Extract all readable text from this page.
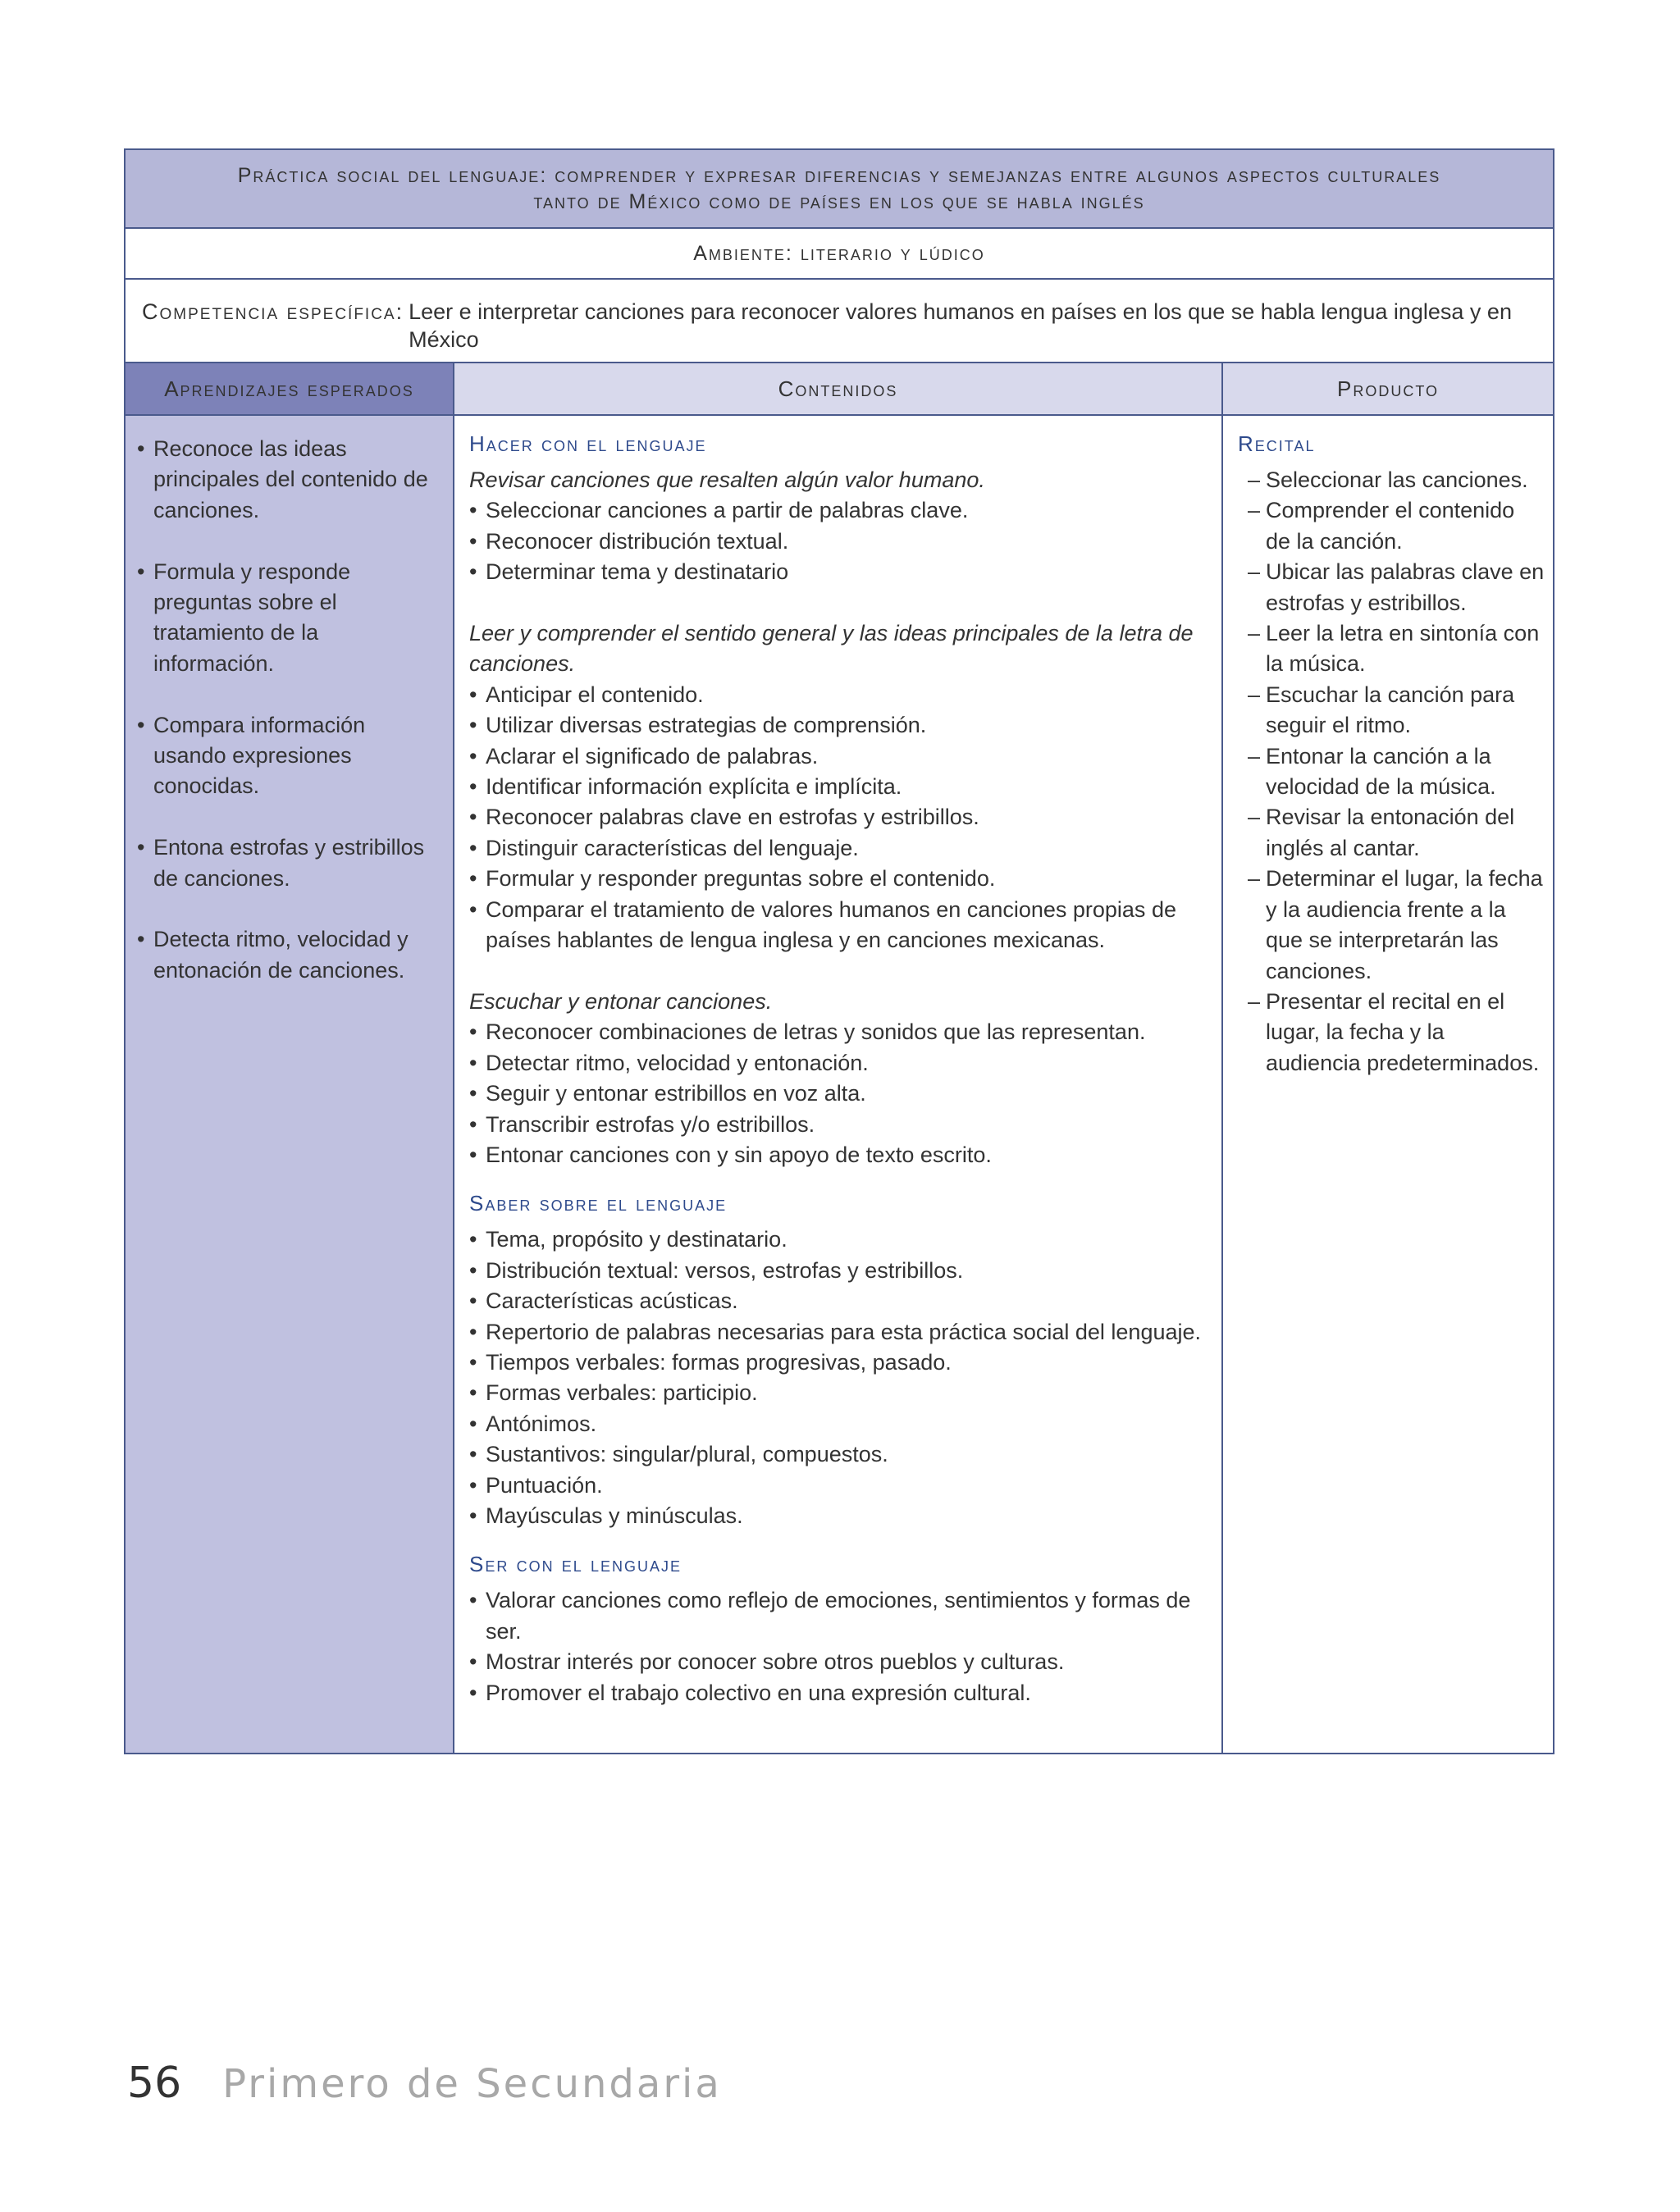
Práctica social del lenguaje: comprender y expresar diferencias y semejanzas entre algunos aspectos culturales
tanto de México como de países en los que se habla inglés
Ambiente: literario y lúdico
Competencia específica: Leer e interpretar canciones para reconocer valores humanos en países en los que se habla lengua inglesa y en México
Aprendizajes esperados	Contenidos	Producto
• Reconoce las ideas principales del contenido de canciones.
• Formula y responde preguntas sobre el tratamiento de la información.
• Compara información usando expresiones conocidas.
• Entona estrofas y estribillos de canciones.
• Detecta ritmo, velocidad y entonación de canciones.
Hacer con el lenguaje

Revisar canciones que resalten algún valor humano.

• Seleccionar canciones a partir de palabras clave.
• Reconocer distribución textual.
• Determinar tema y destinatario

Leer y comprender el sentido general y las ideas principales de la letra de canciones.

• Anticipar el contenido.
• Utilizar diversas estrategias de comprensión.
• Aclarar el significado de palabras.
• Identificar información explícita e implícita.
• Reconocer palabras clave en estrofas y estribillos.
• Distinguir características del lenguaje.
• Formular y responder preguntas sobre el contenido.
• Comparar el tratamiento de valores humanos en canciones propias de países hablantes de lengua inglesa y en canciones mexicanas.

Escuchar y entonar canciones.

• Reconocer combinaciones de letras y sonidos que las representan.
• Detectar ritmo, velocidad y entonación.
• Seguir y entonar estribillos en voz alta.
• Transcribir estrofas y/o estribillos.
• Entonar canciones con y sin apoyo de texto escrito.
Saber sobre el lenguaje
• Tema, propósito y destinatario.
• Distribución textual: versos, estrofas y estribillos.
• Características acústicas.
• Repertorio de palabras necesarias para esta práctica social del lenguaje.
• Tiempos verbales: formas progresivas, pasado.
• Formas verbales: participio.
• Antónimos.
• Sustantivos: singular/plural, compuestos.
• Puntuación.
• Mayúsculas y minúsculas.
Ser con el lenguaje
• Valorar canciones como reflejo de emociones, sentimientos y formas de ser.
• Mostrar interés por conocer sobre otros pueblos y culturas.
• Promover el trabajo colectivo en una expresión cultural.
Recital
– Seleccionar las canciones.
– Comprender el contenido de la canción.
– Ubicar las palabras clave en estrofas y estribillos.
– Leer la letra en sintonía con la música.
– Escuchar la canción para seguir el ritmo.
– Entonar la canción a la velocidad de la música.
– Revisar la entonación del inglés al cantar.
– Determinar el lugar, la fecha y la audiencia frente a la que se interpretarán las canciones.
– Presentar el recital en el lugar, la fecha y la audiencia predeterminados.
56 Primero de Secundaria
